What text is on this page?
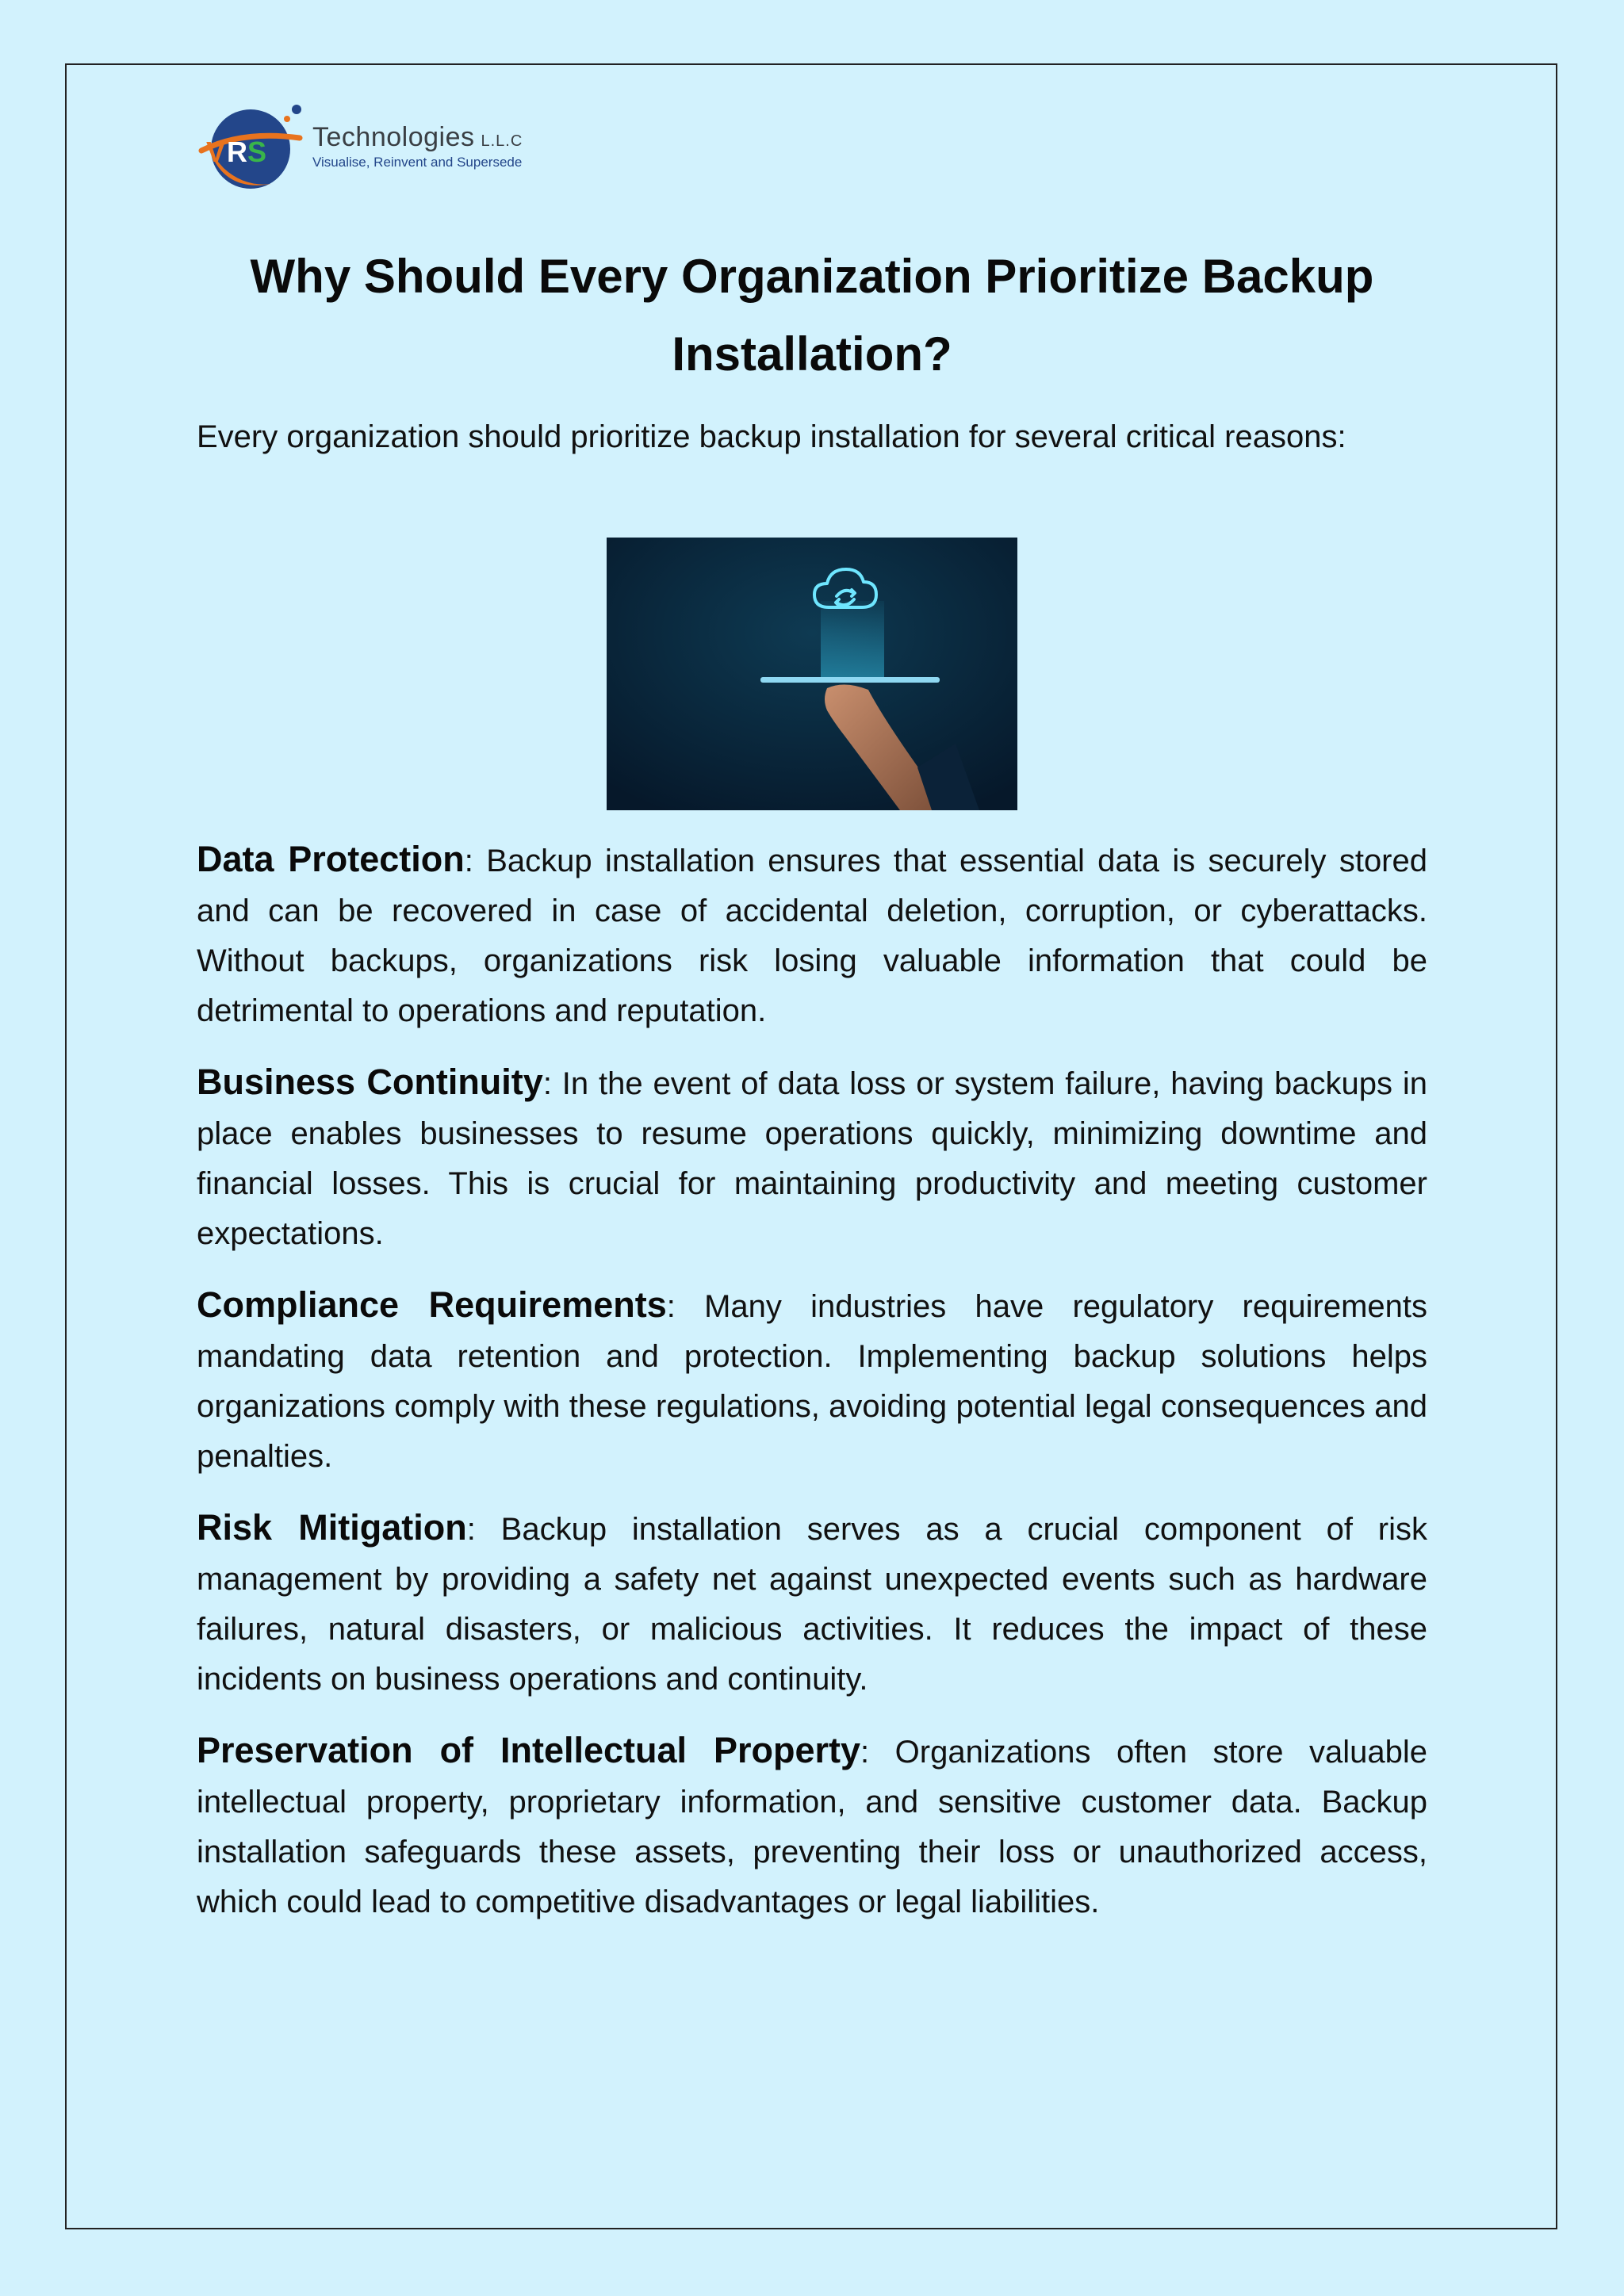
V R S Technologies L.L.C
Visualise, Reinvent and Supersede
Why Should Every Organization Prioritize Backup Installation?

Every organization should prioritize backup installation for several critical reasons:

Data Protection: Backup installation ensures that essential data is securely stored and can be recovered in case of accidental deletion, corruption, or cyberattacks. Without backups, organizations risk losing valuable information that could be detrimental to operations and reputation.

Business Continuity: In the event of data loss or system failure, having backups in place enables businesses to resume operations quickly, minimizing downtime and financial losses. This is crucial for maintaining productivity and meeting customer expectations.

Compliance Requirements: Many industries have regulatory requirements mandating data retention and protection. Implementing backup solutions helps organizations comply with these regulations, avoiding potential legal consequences and penalties.

Risk Mitigation: Backup installation serves as a crucial component of risk management by providing a safety net against unexpected events such as hardware failures, natural disasters, or malicious activities. It reduces the impact of these incidents on business operations and continuity.

Preservation of Intellectual Property: Organizations often store valuable intellectual property, proprietary information, and sensitive customer data. Backup installation safeguards these assets, preventing their loss or unauthorized access, which could lead to competitive disadvantages or legal liabilities.
